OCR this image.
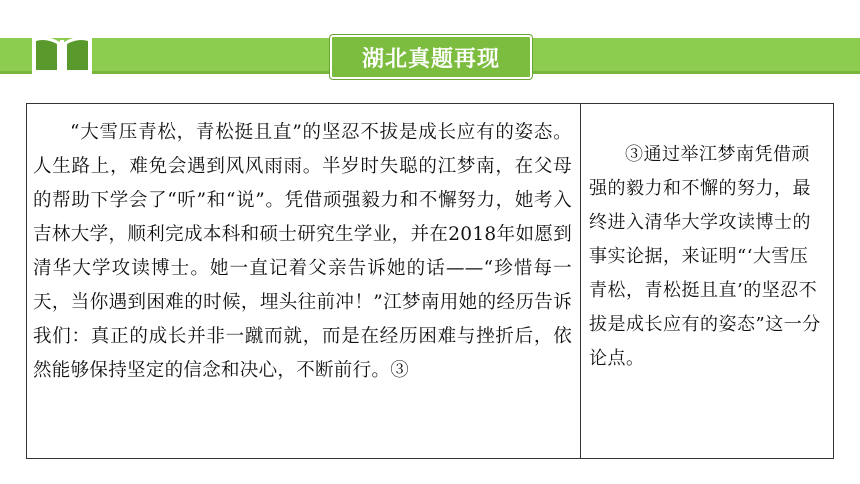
湖北真题再现

“大雪压青松，青松挺且直”的坚忍不拔是成长应有的姿态。人生路上，难免会遇到风风雨雨。半岁时失聪的江梦南，在父母的帮助下学会了“听”和“说”。凭借顽强毅力和不懈努力，她考入吉林大学，顺利完成本科和硕士研究生学业，并在2018年如愿到清华大学攻读博士。她一直记着父亲告诉她的话——“珍惜每一天，当你遇到困难的时候，埋头往前冲！”江梦南用她的经历告诉我们：真正的成长并非一蹴而就，而是在经历困难与挫折后，依然能够保持坚定的信念和决心，不断前行。③

③通过举江梦南凭借顽强的毅力和不懈的努力，最终进入清华大学攻读博士的事实论据，来证明“‘大雪压青松，青松挺且直’的坚忍不拔是成长应有的姿态”这一分论点。
